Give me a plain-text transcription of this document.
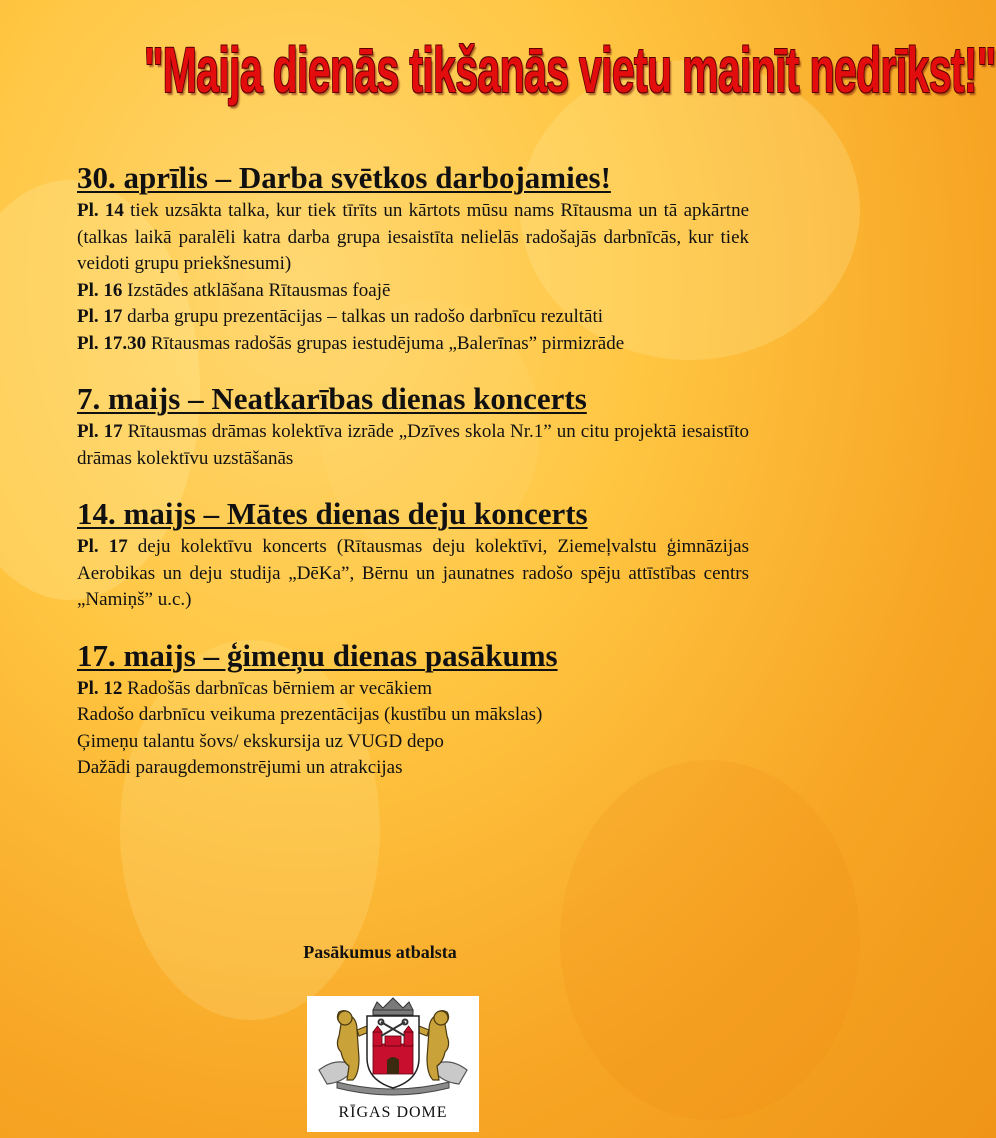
"Maija dienās tikšanās vietu mainīt nedrīkst!"

30. aprīlis – Darba svētkos darbojamies!

Pl. 14 tiek uzsākta talka, kur tiek tīrīts un kārtots mūsu nams Rītausma un tā apkārtne (talkas laikā paralēli katra darba grupa iesaistīta nelielās radošajās darbnīcās, kur tiek veidoti grupu priekšnesumi)

Pl. 16 Izstādes atklāšana Rītausmas foajē

Pl. 17 darba grupu prezentācijas – talkas un radošo darbnīcu rezultāti

Pl. 17.30 Rītausmas radošās grupas iestudējuma „Balerīnas” pirmizrāde

7. maijs – Neatkarības dienas koncerts

Pl. 17 Rītausmas drāmas kolektīva izrāde „Dzīves skola Nr.1” un citu projektā iesaistīto drāmas kolektīvu uzstāšanās

14. maijs – Mātes dienas deju koncerts

Pl. 17 deju kolektīvu koncerts (Rītausmas deju kolektīvi, Ziemeļvalstu ģimnāzijas Aerobikas un deju studija „DēKa”, Bērnu un jaunatnes radošo spēju attīstības centrs „Namiņš” u.c.)

17. maijs – ģimeņu dienas pasākums

Pl. 12 Radošās darbnīcas bērniem ar vecākiem

Radošo darbnīcu veikuma prezentācijas (kustību un mākslas)

Ģimeņu talantu šovs/ ekskursija uz VUGD depo

Dažādi paraugdemonstrējumi un atrakcijas

Pasākumus atbalsta
RĪGAS DOME
